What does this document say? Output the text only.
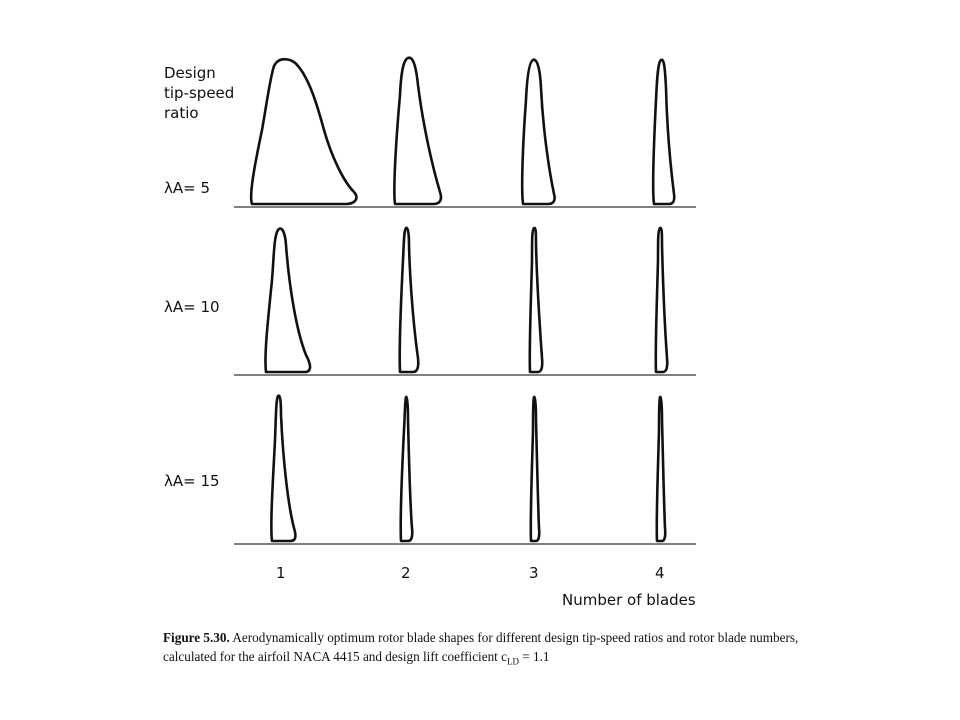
Design
tip-speed
ratio
λA= 5
λA= 10
λA= 15
1	2	3	4
Number of blades
Figure 5.30. Aerodynamically optimum rotor blade shapes for different design tip-speed ratios and rotor blade numbers, calculated for the airfoil NACA 4415 and design lift coefficient $c_{LD} = 1.1$
